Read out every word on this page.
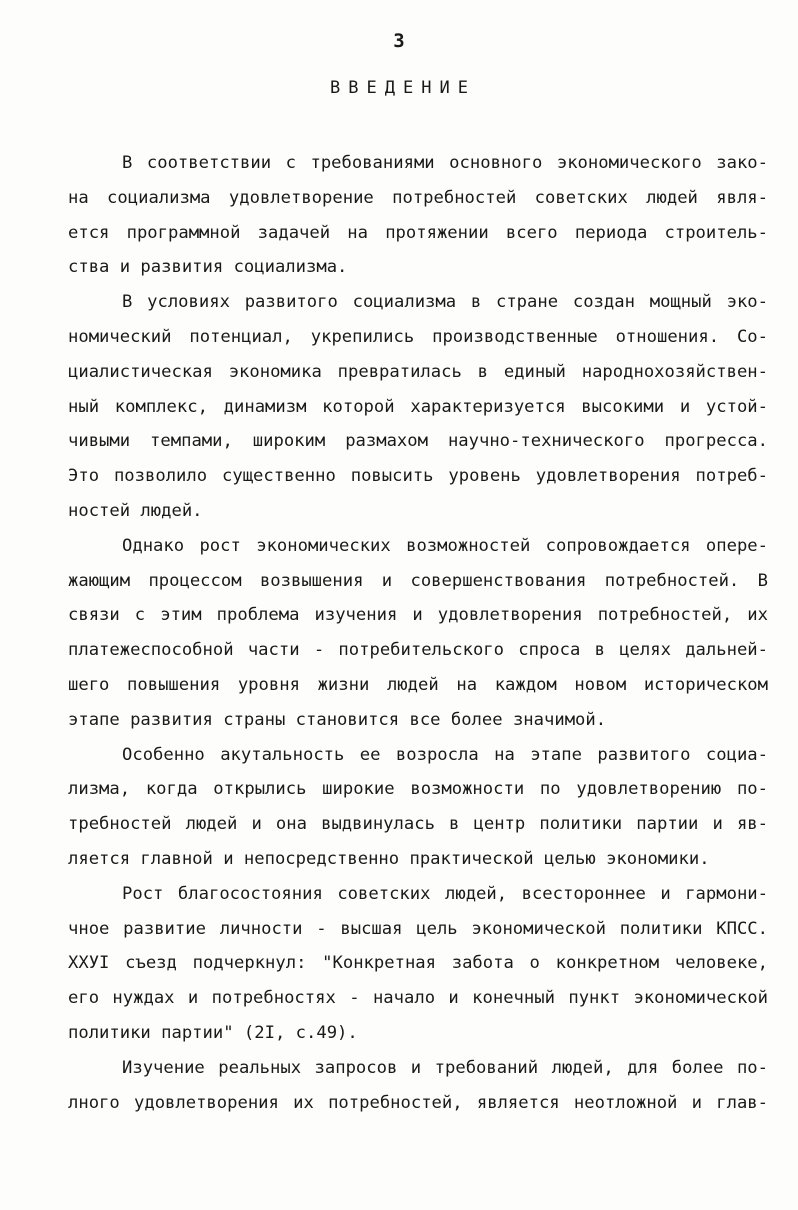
3
ВВЕДЕНИЕ
В соответствии с требованиями основного экономического зако-
на социализма удовлетворение потребностей советских людей явля-
ется программной задачей на протяжении всего периода строитель-
ства и развития социализма.
В условиях развитого социализма в стране создан мощный эко-
номический потенциал, укрепились производственные отношения. Со-
циалистическая экономика превратилась в единый народнохозяйствен-
ный комплекс, динамизм которой характеризуется высокими и устой-
чивыми темпами, широким размахом научно-технического прогресса.
Это позволило существенно повысить уровень удовлетворения потреб-
ностей людей.
Однако рост экономических возможностей сопровождается опере-
жающим процессом возвышения и совершенствования потребностей. В
связи с этим проблема изучения и удовлетворения потребностей, их
платежеспособной части - потребительского спроса в целях дальней-
шего повышения уровня жизни людей на каждом новом историческом
этапе развития страны становится все более значимой.
Особенно акутальность ее возросла на этапе развитого социа-
лизма, когда открылись широкие возможности по удовлетворению по-
требностей людей и она выдвинулась в центр политики партии и яв-
ляется главной и непосредственно практической целью экономики.
Рост благосостояния советских людей, всестороннее и гармони-
чное развитие личности - высшая цель экономической политики КПСС.
ХХУI съезд подчеркнул: "Конкретная забота о конкретном человеке,
его нуждах и потребностях - начало и конечный пункт экономической
политики партии" (2I, с.49).
Изучение реальных запросов и требований людей, для более по-
лного удовлетворения их потребностей, является неотложной и глав-
